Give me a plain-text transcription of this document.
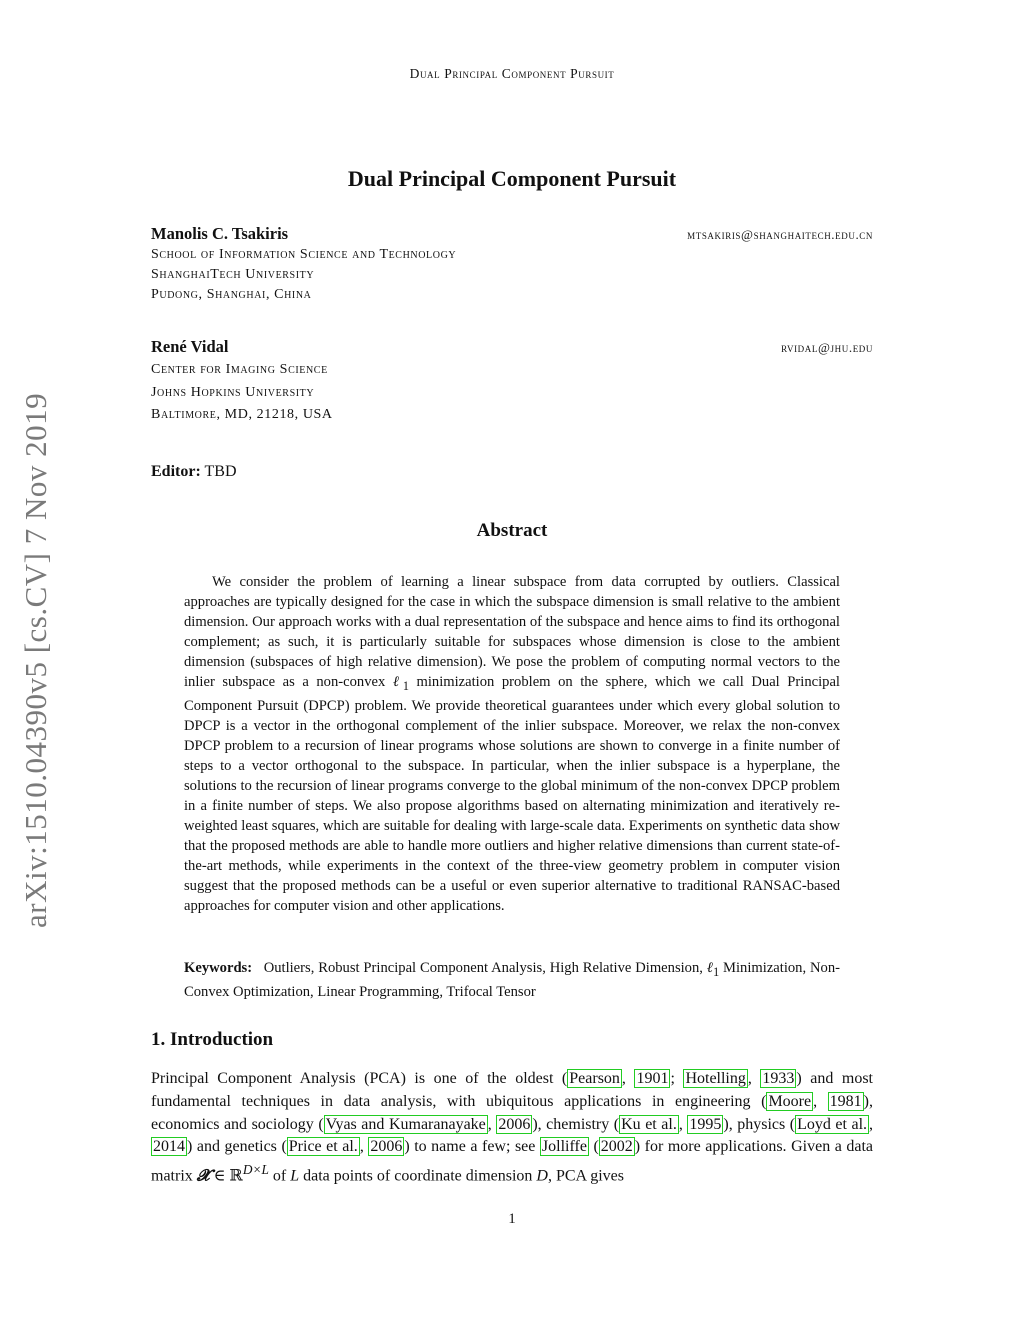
Dual Principal Component Pursuit
Dual Principal Component Pursuit
Manolis C. Tsakiris	mtsakiris@shanghaitech.edu.cn
School of Information Science and Technology
ShanghaiTech University
Pudong, Shanghai, China
René Vidal	rvidal@jhu.edu
Center for Imaging Science
Johns Hopkins University
Baltimore, MD, 21218, USA
Editor: TBD
Abstract

We consider the problem of learning a linear subspace from data corrupted by outliers. Classical approaches are typically designed for the case in which the subspace dimension is small relative to the ambient dimension. Our approach works with a dual representation of the subspace and hence aims to find its orthogonal complement; as such, it is particularly suitable for subspaces whose dimension is close to the ambient dimension (subspaces of high relative dimension). We pose the problem of computing normal vectors to the inlier subspace as a non-convex ℓ$_1$ minimization problem on the sphere, which we call Dual Principal Component Pursuit (DPCP) problem. We provide theoretical guarantees under which every global solution to DPCP is a vector in the orthogonal complement of the inlier subspace. Moreover, we relax the non-convex DPCP problem to a recursion of linear programs whose solutions are shown to converge in a finite number of steps to a vector orthogonal to the subspace. In particular, when the inlier subspace is a hyperplane, the solutions to the recursion of linear programs converge to the global minimum of the non-convex DPCP problem in a finite number of steps. We also propose algorithms based on alternating minimization and iteratively re-weighted least squares, which are suitable for dealing with large-scale data. Experiments on synthetic data show that the proposed methods are able to handle more outliers and higher relative dimensions than current state-of-the-art methods, while experiments in the context of the three-view geometry problem in computer vision suggest that the proposed methods can be a useful or even superior alternative to traditional RANSAC-based approaches for computer vision and other applications.

Keywords: Outliers, Robust Principal Component Analysis, High Relative Dimension, ℓ$_1$ Minimization, Non-Convex Optimization, Linear Programming, Trifocal Tensor
1. Introduction

Principal Component Analysis (PCA) is one of the oldest ( Pearson , 1901 ; Hotelling , 1933 ) and most fundamental techniques in data analysis, with ubiquitous applications in engineering ( Moore , 1981 ), economics and sociology ( Vyas and Kumaranayake , 2006 ), chemistry ( Ku et al. , 1995 ), physics ( Loyd et al. , 2014 ) and genetics ( Price et al. , 2006 ) to name a few; see Jolliffe ( 2002 ) for more applications. Given a data matrix 𝓧 ∈ ℝ$^{D\times L}$ of L data points of coordinate dimension D, PCA gives

1
arXiv:1510.04390v5 [cs.CV] 7 Nov 2019
